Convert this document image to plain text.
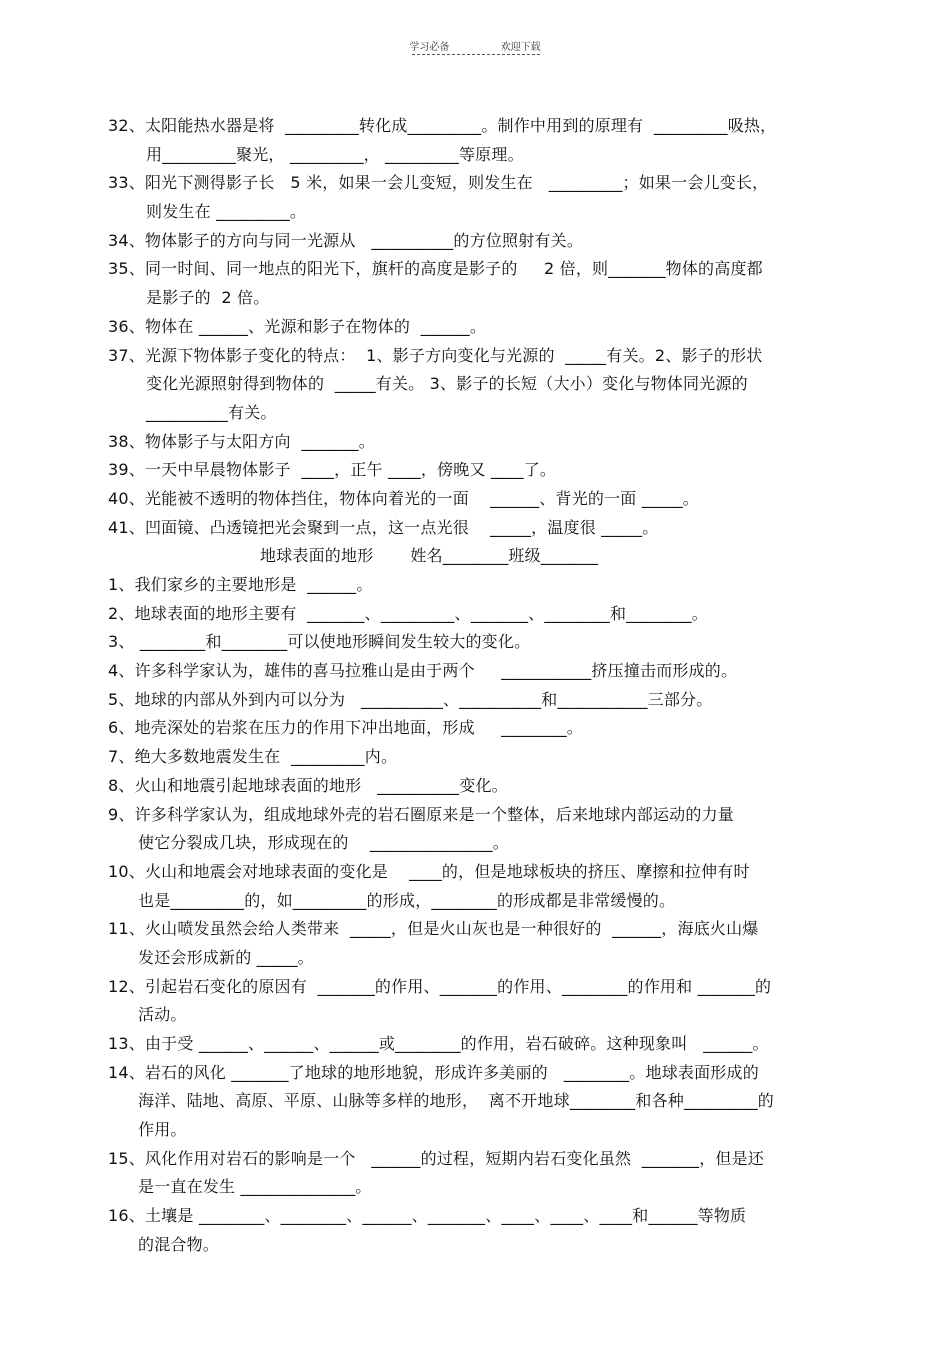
学习必备	欢迎下载
32、太阳能热水器是将  _________转化成_________。制作中用到的原理有  _________吸热，
用_________聚光， _________， _________等原理。
33、阳光下测得影子长   5 米，如果一会儿变短，则发生在   _________；如果一会儿变长，
则发生在 _________。
34、物体影子的方向与同一光源从   __________的方位照射有关。
35、同一时间、同一地点的阳光下，旗杆的高度是影子的     2 倍，则_______物体的高度都
是影子的  2 倍。
36、物体在 ______、光源和影子在物体的  ______。
37、光源下物体影子变化的特点：  1、影子方向变化与光源的  _____有关。2、影子的形状
变化光源照射得到物体的  _____有关。 3、影子的长短（大小）变化与物体同光源的
__________有关。
38、物体影子与太阳方向  _______。
39、一天中早晨物体影子  ____，正午 ____，傍晚又 ____了。
40、光能被不透明的物体挡住，物体向着光的一面    ______、背光的一面 _____。
41、凹面镜、凸透镜把光会聚到一点，这一点光很    _____，温度很 _____。
地球表面的地形       姓名________班级_______
1、我们家乡的主要地形是  ______。
2、地球表面的地形主要有  _______、_________、_______、________和________。
3、 ________和________可以使地形瞬间发生较大的变化。
4、许多科学家认为，雄伟的喜马拉雅山是由于两个     ___________挤压撞击而形成的。
5、地球的内部从外到内可以分为   __________、__________和___________三部分。
6、地壳深处的岩浆在压力的作用下冲出地面，形成     ________。
7、绝大多数地震发生在  _________内。
8、火山和地震引起地球表面的地形   __________变化。
9、许多科学家认为，组成地球外壳的岩石圈原来是一个整体，后来地球内部运动的力量
使它分裂成几块，形成现在的    _______________。
10、火山和地震会对地球表面的变化是    ____的，但是地球板块的挤压、摩擦和拉伸有时
也是_________的，如_________的形成，________的形成都是非常缓慢的。
11、火山喷发虽然会给人类带来  _____，但是火山灰也是一种很好的  ______，海底火山爆
发还会形成新的 _____。
12、引起岩石变化的原因有  _______的作用、_______的作用、________的作用和 _______的
活动。
13、由于受 ______、______、______或________的作用，岩石破碎。这种现象叫   ______。
14、岩石的风化 _______了地球的地形地貌，形成许多美丽的   ________。地球表面形成的
海洋、陆地、高原、平原、山脉等多样的地形，  离不开地球________和各种_________的
作用。
15、风化作用对岩石的影响是一个   ______的过程，短期内岩石变化虽然  _______，但是还
是一直在发生 ______________。
16、土壤是 ________、________、______、_______、____、____、____和______等物质
的混合物。
